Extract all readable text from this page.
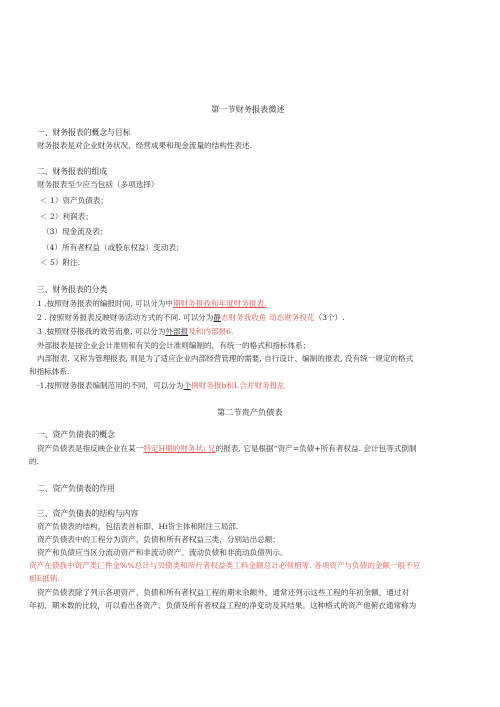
第一节财务报表微述
一、财务报表的概念与目标
财务报表是对企业财务状况、经营成果和现金流量的结构性表述.
二、财务报表的组成
财务报表至少应当包括（多项选择）
＜ 1）资产负债表；
＜ 2）利润表；
（3）现金流及表；
（4）所有者权益（或股东权益）变动表；
＜ 5）附注.
三、财务报表的分类
1 ,按照财务报表的编报时间, 可以分为中期财务报孜和年度财务报表.
2 . 按照财务报表反映财务活动方式的不同. 可以分为静态财务我收魚 动态财务投花（3个）.
3 ,按照财芬报我的效劳而象, 可以分为外部报及和内部报6.
外部报表是按企业会计准则和有关的会计准则编制的，有统一的格式和指标体系；
内部报表. 又称为管理报表, 则是为了适应企业内部经营管理的需要, 自行设计、编制的报表, 没有统一规定的格式
和指标体系.
-1.按照财务报表编制范用的不同，可以分为个例财务报b和I.合并财务报乩
第二节贵产负债表
一、资产负债表的概念
资产负债表是指反映企业在某一特定H期的财务状; 兄的报表, 它是根据“资产=负债+所有者权益. 会计包等式倒制
的.
二、资产负债表的作用
三、资产负债表的结构与内容
资产负债表的结构，包括表首标即、Hi货主体和附注三局部.
资产负债表中的工程分为资产、负债和所有者权益三类，分别站出总额；
资产和负债应当区分流动资产和非流动资产、流动负债和非流动负债列示。
资产在债我中资产类匚件金%%总计与贝债类和所行者权益类工料金额总计必须相等. 各项资产与负债的金额一般不应
相E抵销.
资产负债表除了列示各项资产、负债和所有者权益工程的期末余额外，通常还列示这些工程的年初余额，通过对
年初、期末数的比较，可以看出各资产、负债及所有者权益工程的净变动及其结果。这种格式的资产他俯衣通常称为
